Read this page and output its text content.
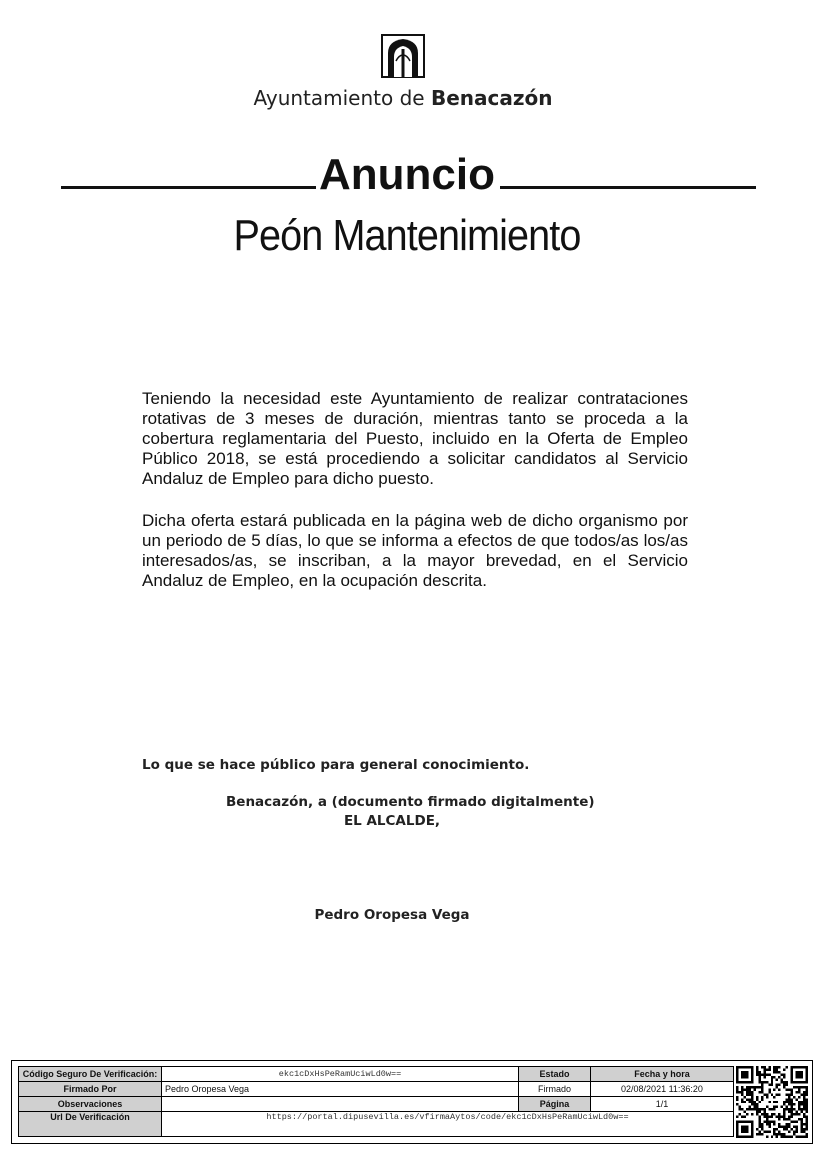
Ayuntamiento de Benacazón
Anuncio
Peón Mantenimiento
Teniendo la necesidad este Ayuntamiento de realizar contrataciones rotativas de 3 meses de duración, mientras tanto se proceda a la cobertura reglamentaria del Puesto, incluido en la Oferta de Empleo Público 2018, se está procediendo a solicitar candidatos al Servicio Andaluz de Empleo para dicho puesto.
Dicha oferta estará publicada en la página web de dicho organismo por un periodo de 5 días, lo que se informa a efectos de que todos/as los/as interesados/as, se inscriban, a la mayor brevedad, en el Servicio Andaluz de Empleo, en la ocupación descrita.
Lo que se hace público para general conocimiento.
Benacazón, a (documento firmado digitalmente)
EL ALCALDE,
Pedro Oropesa Vega
Código Seguro De Verificación:	ekc1cDxHsPeRamUciwLd0w==	Estado	Fecha y hora
Firmado Por	Pedro Oropesa Vega	Firmado	02/08/2021 11:36:20
Observaciones		Página	1/1
Url De Verificación	https://portal.dipusevilla.es/vfirmaAytos/code/ekc1cDxHsPeRamUciwLd0w==		
